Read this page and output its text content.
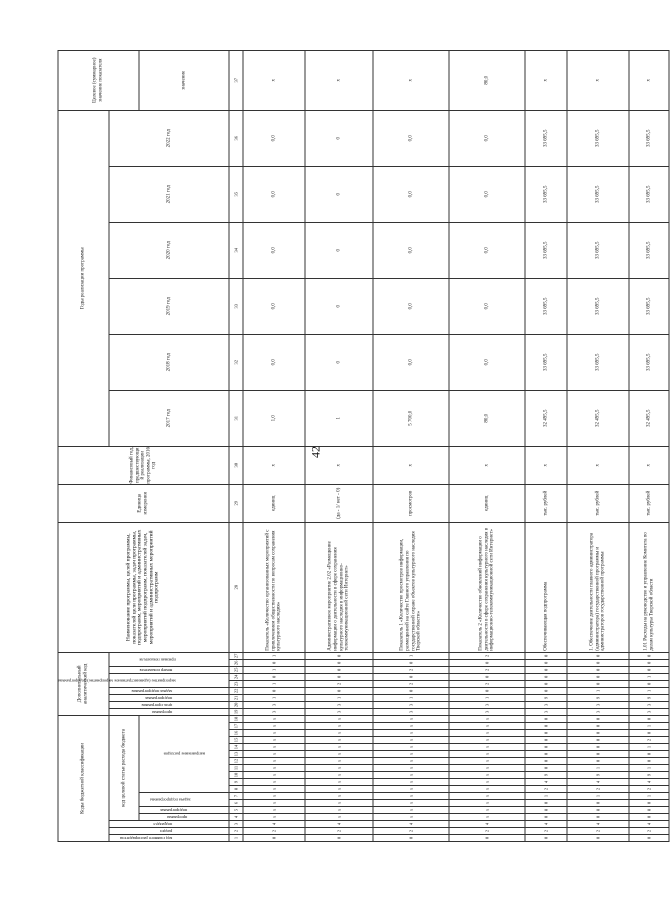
42
Коды бюджетной классификации																		Дополнительный аналитический код									Наименование программы, целей программы, показателей цели программы, задач программы, подпрограмм, мероприятий и административных мероприятий подпрограмм, показателей задач, мероприятий и административных мероприятий подпрограмм	Единица измерения	Финансовый год, предшествующий реализации программы, 2016 год	Годы реализации программы						Целевое (суммарное) значение показателя

код главного распорядителя	раздел	подраздел	код целевой статьи расхода бюджета															программа	цель программы	подпрограмма	задача подпрограммы	мероприятие (административное мероприятие) подпрограммы		номер показателя	признак показателя					2017 год	2018 год	2019 год	2020 год	2021 год	2022 год	

			программа	подпрограмма	задача подпрограммы		направление расходов																													значение
1	2	3	4	5	6	7	8	9	10	11	12	13	14	15	16	17	18	19	20	21	22	23	24	25	26	27	28	29	30	31	32	33	34	35	36	37
0	2	4	х	х	х	х	х	х	х	х	х	х	х	х	х	х	х	3	3	1	0	1	0	1	0	1	Показатель «Количество организованных мероприятий с привлечением общественности по вопросам сохранения культурного наследия»	единиц	х	1,0	0,0	0,0	0,0	0,0	0,0	х
0	2	4	х	х	х	х	х	х	х	х	х	х	х	х	х	х	х	3	3	1	0	2	0	0	0	0	Административное мероприятие 2.02 «Размещение информации о деятельности в сфере сохранения культурного наследия в информационно-телекоммуникационной сети Интернет»	(да - 1/ нет - 0)	х	1	0	0	0	0	0	х
0	2	4	х	х	х	х	х	х	х	х	х	х	х	х	х	х	х	3	3	1	0	2	0	2	0	1	Показатель 1 «Количество просмотров информации, размещенной на сайте Главного управления по государственной охране объектов культурного наследия Тверской области»	просмотров	х	5 700,0	0,0	0,0	0,0	0,0	0,0	х
0	2	4	х	х	х	х	х	х	х	х	х	х	х	х	х	х	х	3	3	1	0	2	0	2	0	2	Показатель 2 «Количество обновлений информации о деятельности в сфере сохранения культурного наследия в информационно-телекоммуникационной сети Интернет»	единиц	х	80,0	0,0	0,0	0,0	0,0	0,0	80,0
0	2	4	0	8	0	1	2	4	9	0	0	0	0	0	0	0	0	3	3	9	0	0	0	0	0	0	Обеспечивающая подпрограмма	тыс. рублей	х	32 495,5	33 695,5	33 695,5	33 695,5	33 695,5	33 695,5	х
0	2	4	0	8	0	1	2	4	9	1	0	0	0	0	0	0	0	3	3	9	1	0	0	0	0	0	1. Обеспечение деятельности главного администратора (администратора) государственной программы и администраторов государственной программы	тыс. рублей	х	32 495,5	33 695,5	33 695,5	33 695,5	33 695,5	33 695,5	х
0	2	4	0	8	0	1	2	4	9	1	0	0	1	2	0	1	0	3	3	9	1	0	1	0	0	0	1.01 Расходы на руководство и управление Комитета по делам культуры Тверской области	тыс. рублей	х	32 495,5	33 695,5	33 695,5	33 695,5	33 695,5	33 695,5	х
